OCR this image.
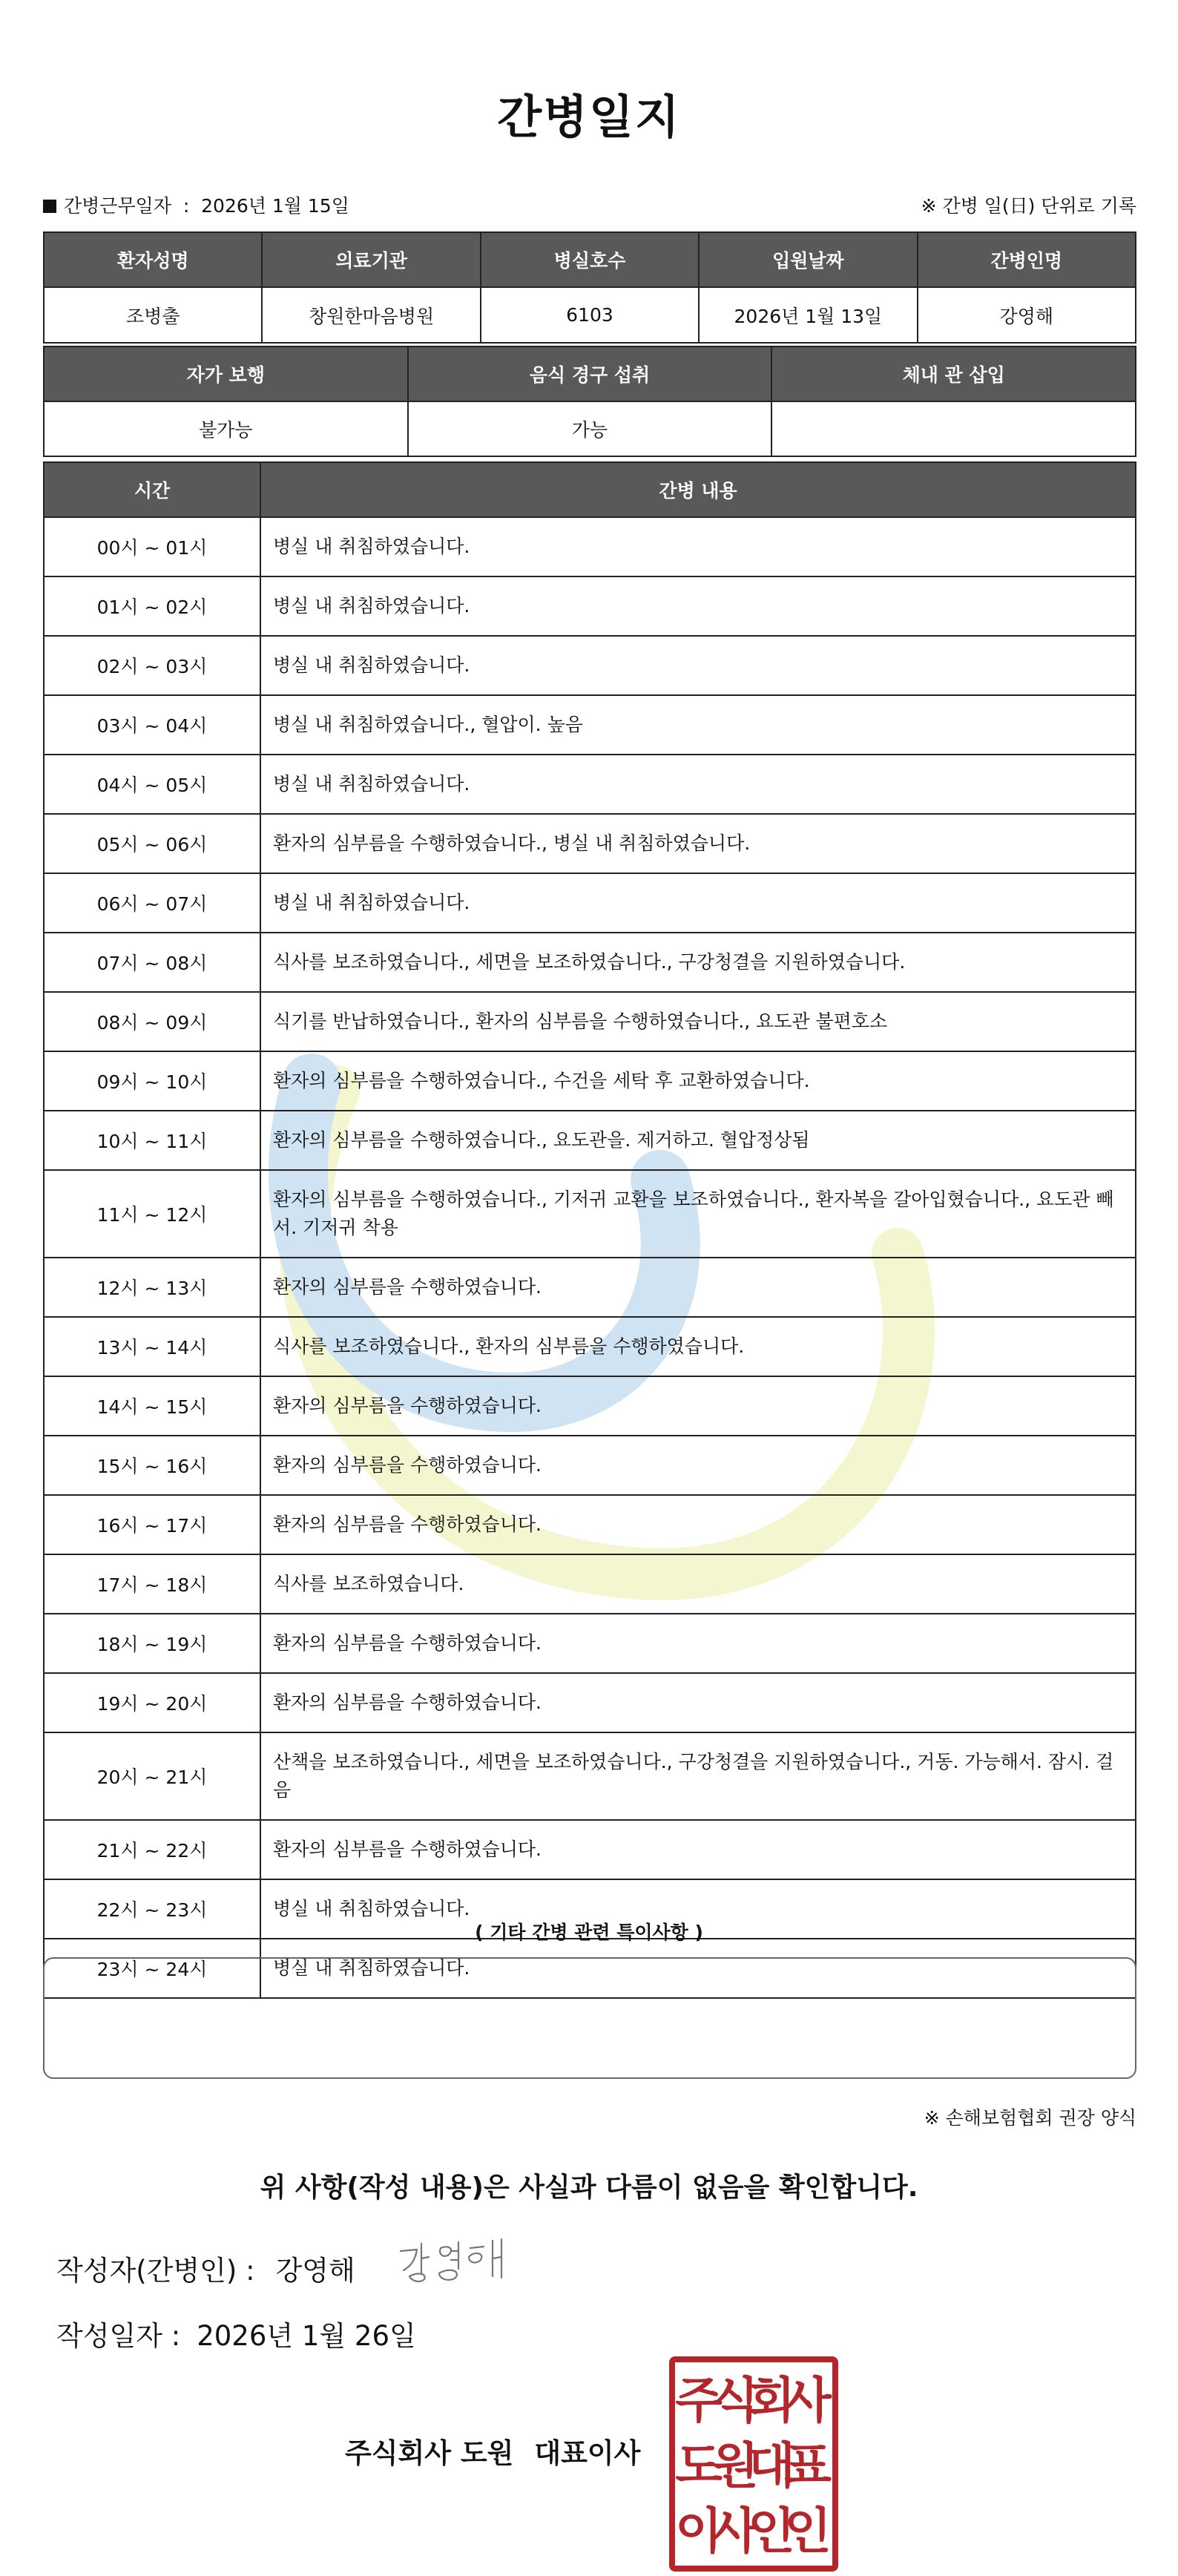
간병일지
간병근무일자 : 2026년 1월 15일	※ 간병 일(日) 단위로 기록
환자성명	의료기관	병실호수	입원날짜	간병인명
조병출	창원한마음병원	6103	2026년 1월 13일	강영해
자가 보행	음식 경구 섭취	체내 관 삽입
불가능	가능	
시간	간병 내용
00시 ~ 01시	병실 내 취침하였습니다.
01시 ~ 02시	병실 내 취침하였습니다.
02시 ~ 03시	병실 내 취침하였습니다.
03시 ~ 04시	병실 내 취침하였습니다., 혈압이. 높음
04시 ~ 05시	병실 내 취침하였습니다.
05시 ~ 06시	환자의 심부름을 수행하였습니다., 병실 내 취침하였습니다.
06시 ~ 07시	병실 내 취침하였습니다.
07시 ~ 08시	식사를 보조하였습니다., 세면을 보조하였습니다., 구강청결을 지원하였습니다.
08시 ~ 09시	식기를 반납하였습니다., 환자의 심부름을 수행하였습니다., 요도관 불편호소
09시 ~ 10시	환자의 심부름을 수행하였습니다., 수건을 세탁 후 교환하였습니다.
10시 ~ 11시	환자의 심부름을 수행하였습니다., 요도관을. 제거하고. 혈압정상됨
11시 ~ 12시	환자의 심부름을 수행하였습니다., 기저귀 교환을 보조하였습니다., 환자복을 갈아입혔습니다., 요도관 빼서. 기저귀 착용
12시 ~ 13시	환자의 심부름을 수행하였습니다.
13시 ~ 14시	식사를 보조하였습니다., 환자의 심부름을 수행하였습니다.
14시 ~ 15시	환자의 심부름을 수행하였습니다.
15시 ~ 16시	환자의 심부름을 수행하였습니다.
16시 ~ 17시	환자의 심부름을 수행하였습니다.
17시 ~ 18시	식사를 보조하였습니다.
18시 ~ 19시	환자의 심부름을 수행하였습니다.
19시 ~ 20시	환자의 심부름을 수행하였습니다.
20시 ~ 21시	산책을 보조하였습니다., 세면을 보조하였습니다., 구강청결을 지원하였습니다., 거동. 가능해서. 잠시. 걸음
21시 ~ 22시	환자의 심부름을 수행하였습니다.
22시 ~ 23시	병실 내 취침하였습니다.
23시 ~ 24시	병실 내 취침하였습니다.
( 기타 간병 관련 특이사항 )
※ 손해보험협회 권장 양식
위 사항(작성 내용)은 사실과 다름이 없음을 확인합니다.
작성자(간병인) : 강영해
작성일자 : 2026년 1월 26일
주식회사 도원 대표이사
주
식
회
사
도
원
대
표
이
사
인
인
